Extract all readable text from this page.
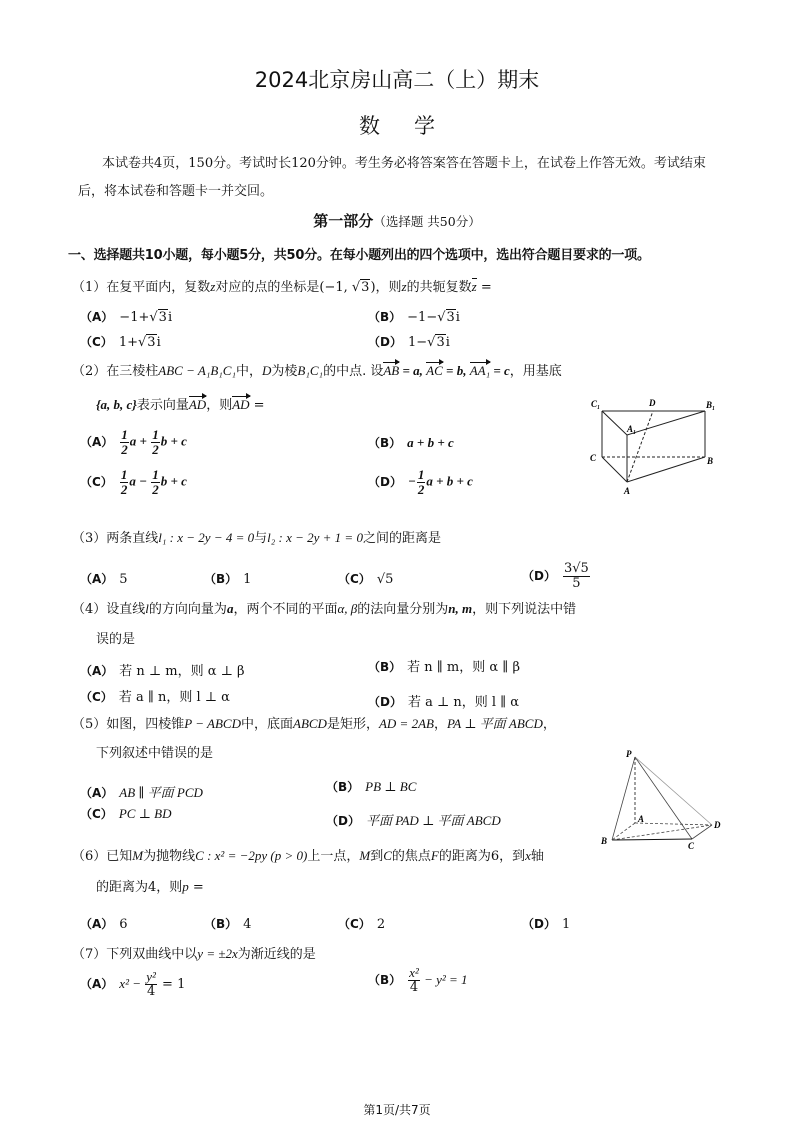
2024北京房山高二（上）期末
数学
本试卷共4页，150分。考试时长120分钟。考生务必将答案答在答题卡上，在试卷上作答无效。考试结束后，将本试卷和答题卡一并交回。
第一部分（选择题 共50分）
一、选择题共10小题，每小题5分，共50分。在每小题列出的四个选项中，选出符合题目要求的一项。
（1）在复平面内，复数z对应的点的坐标是(−1, √3)，则z的共轭复数z =
（A） −1+√3i	（B） −1−√3i
（C） 1+√3i	（D） 1−√3i
（2）在三棱柱ABC − A₁B₁C₁中，D为棱B₁C₁的中点. 设AB = a, AC = b, AA₁ = c，用基底
{a, b, c}表示向量AD，则AD =
$(A) \frac{1}{2}$ $a + \frac{1}{2}$ b + c	（B） a + b + c
$(C) \frac{1}{2}$ $a - \frac{1}{2}$ b + c	$(D) - \frac{1}{2}$ a + b + c
C₁	D	B₁
A₁
C	B
A
（3）两条直线l₁ : x − 2y − 4 = 0与l₂ : x − 2y + 1 = 0之间的距离是
（A） 5	（B） 1	（C） √5	$(D) \frac{3√5}{5}$
（4）设直线l的方向向量为a，两个不同的平面α, β的法向量分别为n, m，则下列说法中错
误的是
（A） 若 n ⊥ m，则 α ⊥ β	（B） 若 n ∥ m，则 α ∥ β
（C） 若 a ∥ n，则 l ⊥ α	（D） 若 a ⊥ n，则 l ∥ α
（5）如图，四棱锥P − ABCD中，底面ABCD是矩形，AD = 2AB，PA ⊥ 平面 ABCD，
下列叙述中错误的是
（A） AB ∥ 平面 PCD	（B） PB ⊥ BC
（C） PC ⊥ BD	（D） 平面 PAD ⊥ 平面 ABCD
P
A
B	C
D
（6）已知M为抛物线C : x² = −2py (p > 0)上一点，M到C的焦点F的距离为6，到x轴
的距离为4，则p =
（A） 6	（B） 4	（C） 2	（D） 1
（7）下列双曲线中以y = ±2x为渐近线的是
（A） $x^2 - \frac{\text{y²}}{4} = 1$	$(B) \frac{\text{x²}}{4} - y^2 = 1$
第1页/共7页
